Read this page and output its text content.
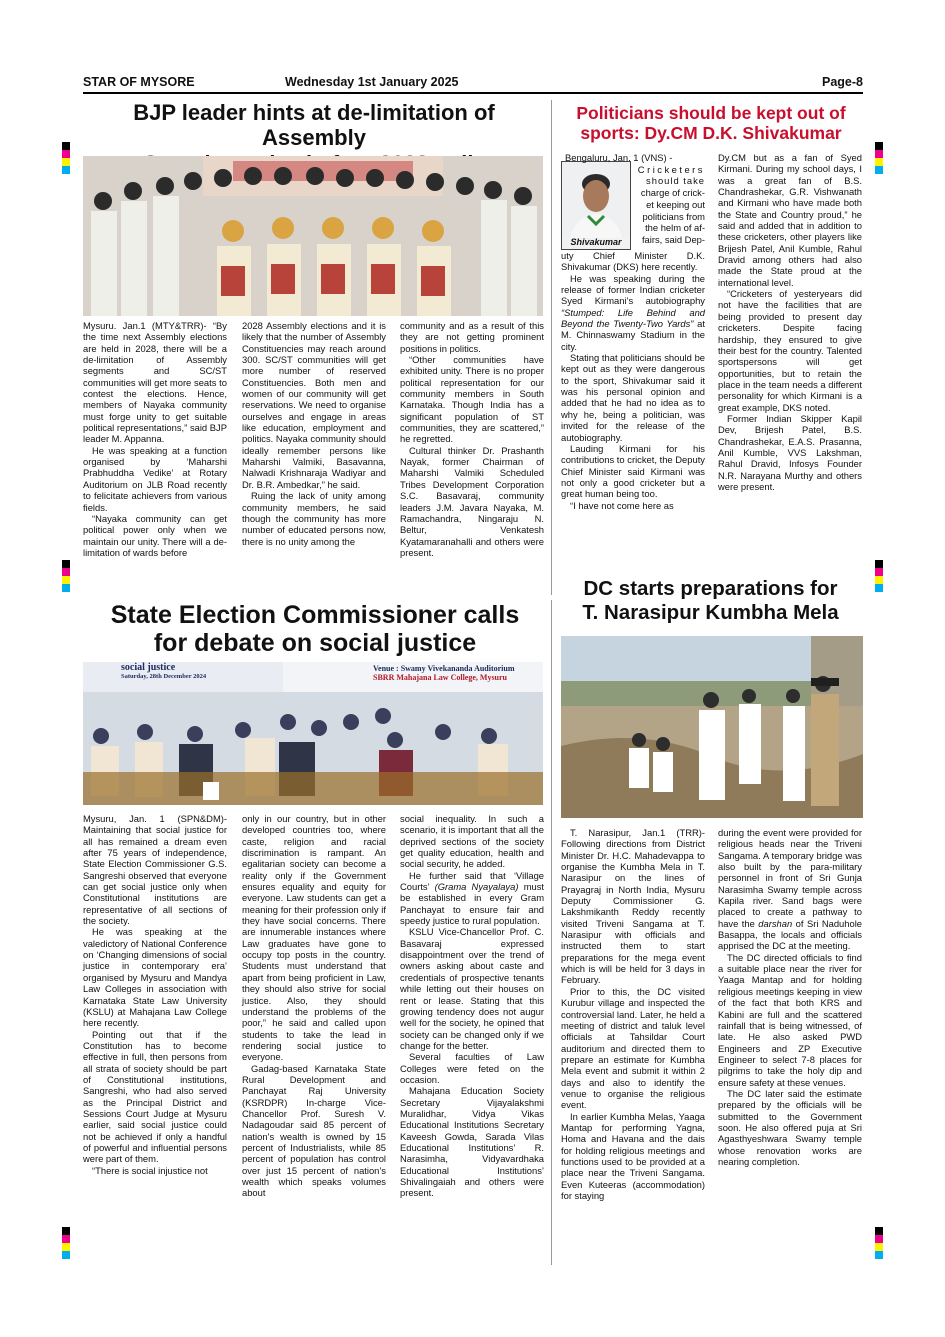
STAR OF MYSORE	Wednesday 1st January 2025	Page-8
BJP leader hints at de-limitation of Assembly

Mysuru. Jan.1 (MTY&TRR)- “By the time next Assembly elections are held in 2028, there will be a de-limitation of Assembly segments and SC/ST communities will get more seats to contest the elections. Hence, members of Nayaka community must forge unity to get suitable political representations,” said BJP leader M. Appanna.

He was speaking at a function organised by ‘Maharshi Prabhuddha Vedike’ at Rotary Auditorium on JLB Road recently to felicitate achievers from various fields.

“Nayaka community can get political power only when we maintain our unity. There will a de-limitation of wards before

2028 Assembly elections and it is likely that the number of Assembly Constituencies may reach around 300. SC/ST communities will get more number of reserved Constituencies. Both men and women of our community will get reservations. We need to organise ourselves and engage in areas like education, employment and politics. Nayaka community should ideally remember persons like Maharshi Valmiki, Basavanna, Nalwadi Krishnaraja Wadiyar and Dr. B.R. Ambedkar,” he said.

Ruing the lack of unity among community members, he said though the community has more number of educated persons now, there is no unity among the

community and as a result of this they are not getting prominent positions in politics.

“Other communities have exhibited unity. There is no proper political representation for our community members in South Karnataka. Though India has a significant population of ST communities, they are scattered,” he regretted.

Cultural thinker Dr. Prashanth Nayak, former Chairman of Maharshi Valmiki Scheduled Tribes Development Corporation S.C. Basavaraj, community leaders J.M. Javara Nayaka, M. Ramachandra, Ningaraju N. Beltur, Venkatesh Kyatamaranahalli and others were present.

Politicians should be kept out of
sports: Dy.CM D.K. Shivakumar
Shivakumar
Bengaluru, Jan. 1 (VNS) -
Cricketers
should take
charge of crick-
et keeping out
politicians from
the helm of af-
fairs, said Dep-

uty Chief Minister D.K. Shivakumar (DKS) here recently.

He was speaking during the release of former Indian cricketer Syed Kirmani’s autobiography “Stumped: Life Behind and Beyond the Twenty-Two Yards” at M. Chinnaswamy Stadium in the city.

Stating that politicians should be kept out as they were dangerous to the sport, Shivakumar said it was his personal opinion and added that he had no idea as to why he, being a politician, was invited for the release of the autobiography.

Lauding Kirmani for his contributions to cricket, the Deputy Chief Minister said Kirmani was not only a good cricketer but a great human being too.

“I have not come here as

Dy.CM but as a fan of Syed Kirmani. During my school days, I was a great fan of B.S. Chandrashekar, G.R. Vishwanath and Kirmani who have made both the State and Country proud,” he said and added that in addition to these cricketers, other players like Brijesh Patel, Anil Kumble, Rahul Dravid among others had also made the State proud at the international level.

“Cricketers of yesteryears did not have the facilities that are being provided to present day cricketers. Despite facing hardship, they ensured to give their best for the country. Talented sportspersons will get opportunities, but to retain the place in the team needs a different personality for which Kirmani is a great example, DKS noted.

Former Indian Skipper Kapil Dev, Brijesh Patel, B.S. Chandrashekar, E.A.S. Prasanna, Anil Kumble, VVS Lakshman, Rahul Dravid, Infosys Founder N.R. Narayana Murthy and others were present.

DC starts preparations for
T. Narasipur Kumbha Mela
State Election Commissioner calls
for debate on social justice
Venue : Swamy Vivekananda Auditorium
SBRR Mahajana Law College, Mysuru
social justice
Saturday, 28th December 2024

Mysuru, Jan. 1 (SPN&DM)- Maintaining that social justice for all has remained a dream even after 75 years of independence, State Election Commissioner G.S. Sangreshi observed that everyone can get social justice only when Constitutional institutions are representative of all sections of the society.

He was speaking at the valedictory of National Conference on ‘Changing dimensions of social justice in contemporary era’ organised by Mysuru and Mandya Law Colleges in association with Karnataka State Law University (KSLU) at Mahajana Law College here recently.

Pointing out that if the Constitution has to become effective in full, then persons from all strata of society should be part of Constitutional institutions, Sangreshi, who had also served as the Principal District and Sessions Court Judge at Mysuru earlier, said social justice could not be achieved if only a handful of powerful and influential persons were part of them.

“There is social injustice not

only in our country, but in other developed countries too, where caste, religion and racial discrimination is rampant. An egalitarian society can become a reality only if the Government ensures equality and equity for everyone. Law students can get a meaning for their profession only if they have social concerns. There are innumerable instances where Law graduates have gone to occupy top posts in the country. Students must understand that apart from being proficient in Law, they should also strive for social justice. Also, they should understand the problems of the poor,” he said and called upon students to take the lead in rendering social justice to everyone.

Gadag-based Karnataka State Rural Development and Panchayat Raj University (KSRDPR) In-charge Vice-Chancellor Prof. Suresh V. Nadagoudar said 85 percent of nation’s wealth is owned by 15 percent of Industrialists, while 85 percent of population has control over just 15 percent of nation’s wealth which speaks volumes about

social inequality. In such a scenario, it is important that all the deprived sections of the society get quality education, health and social security, he added.

He further said that ‘Village Courts’ (Grama Nyayalaya) must be established in every Gram Panchayat to ensure fair and speedy justice to rural population.

KSLU Vice-Chancellor Prof. C. Basavaraj expressed disappointment over the trend of owners asking about caste and credentials of prospective tenants while letting out their houses on rent or lease. Stating that this growing tendency does not augur well for the society, he opined that society can be changed only if we change for the better.

Several faculties of Law Colleges were feted on the occasion.

Mahajana Education Society Secretary Vijayalakshmi Muralidhar, Vidya Vikas Educational Institutions Secretary Kaveesh Gowda, Sarada Vilas Educational Institutions’ R. Narasimha, Vidyavardhaka Educational Institutions’ Shivalingaiah and others were present.

T. Narasipur, Jan.1 (TRR)- Following directions from District Minister Dr. H.C. Mahadevappa to organise the Kumbha Mela in T. Narasipur on the lines of Prayagraj in North India, Mysuru Deputy Commissioner G. Lakshmikanth Reddy recently visited Triveni Sangama at T. Narasipur with officials and instructed them to start preparations for the mega event which is will be held for 3 days in February.

Prior to this, the DC visited Kurubur village and inspected the controversial land. Later, he held a meeting of district and taluk level officials at Tahsildar Court auditorium and directed them to prepare an estimate for Kumbha Mela event and submit it within 2 days and also to identify the venue to organise the religious event.

In earlier Kumbha Melas, Yaaga Mantap for performing Yagna, Homa and Havana and the dais for holding religious meetings and functions used to be provided at a place near the Triveni Sangama. Even Kuteeras (accommodation) for staying

during the event were provided for religious heads near the Triveni Sangama. A temporary bridge was also built by the para-military personnel in front of Sri Gunja Narasimha Swamy temple across Kapila river. Sand bags were placed to create a pathway to have the darshan of Sri Naduhole Basappa, the locals and officials apprised the DC at the meeting.

The DC directed officials to find a suitable place near the river for Yaaga Mantap and for holding religious meetings keeping in view of the fact that both KRS and Kabini are full and the scattered rainfall that is being witnessed, of late. He also asked PWD Engineers and ZP Executive Engineer to select 7-8 places for pilgrims to take the holy dip and ensure safety at these venues.

The DC later said the estimate prepared by the officials will be submitted to the Government soon. He also offered puja at Sri Agasthyeshwara Swamy temple whose renovation works are nearing completion.
